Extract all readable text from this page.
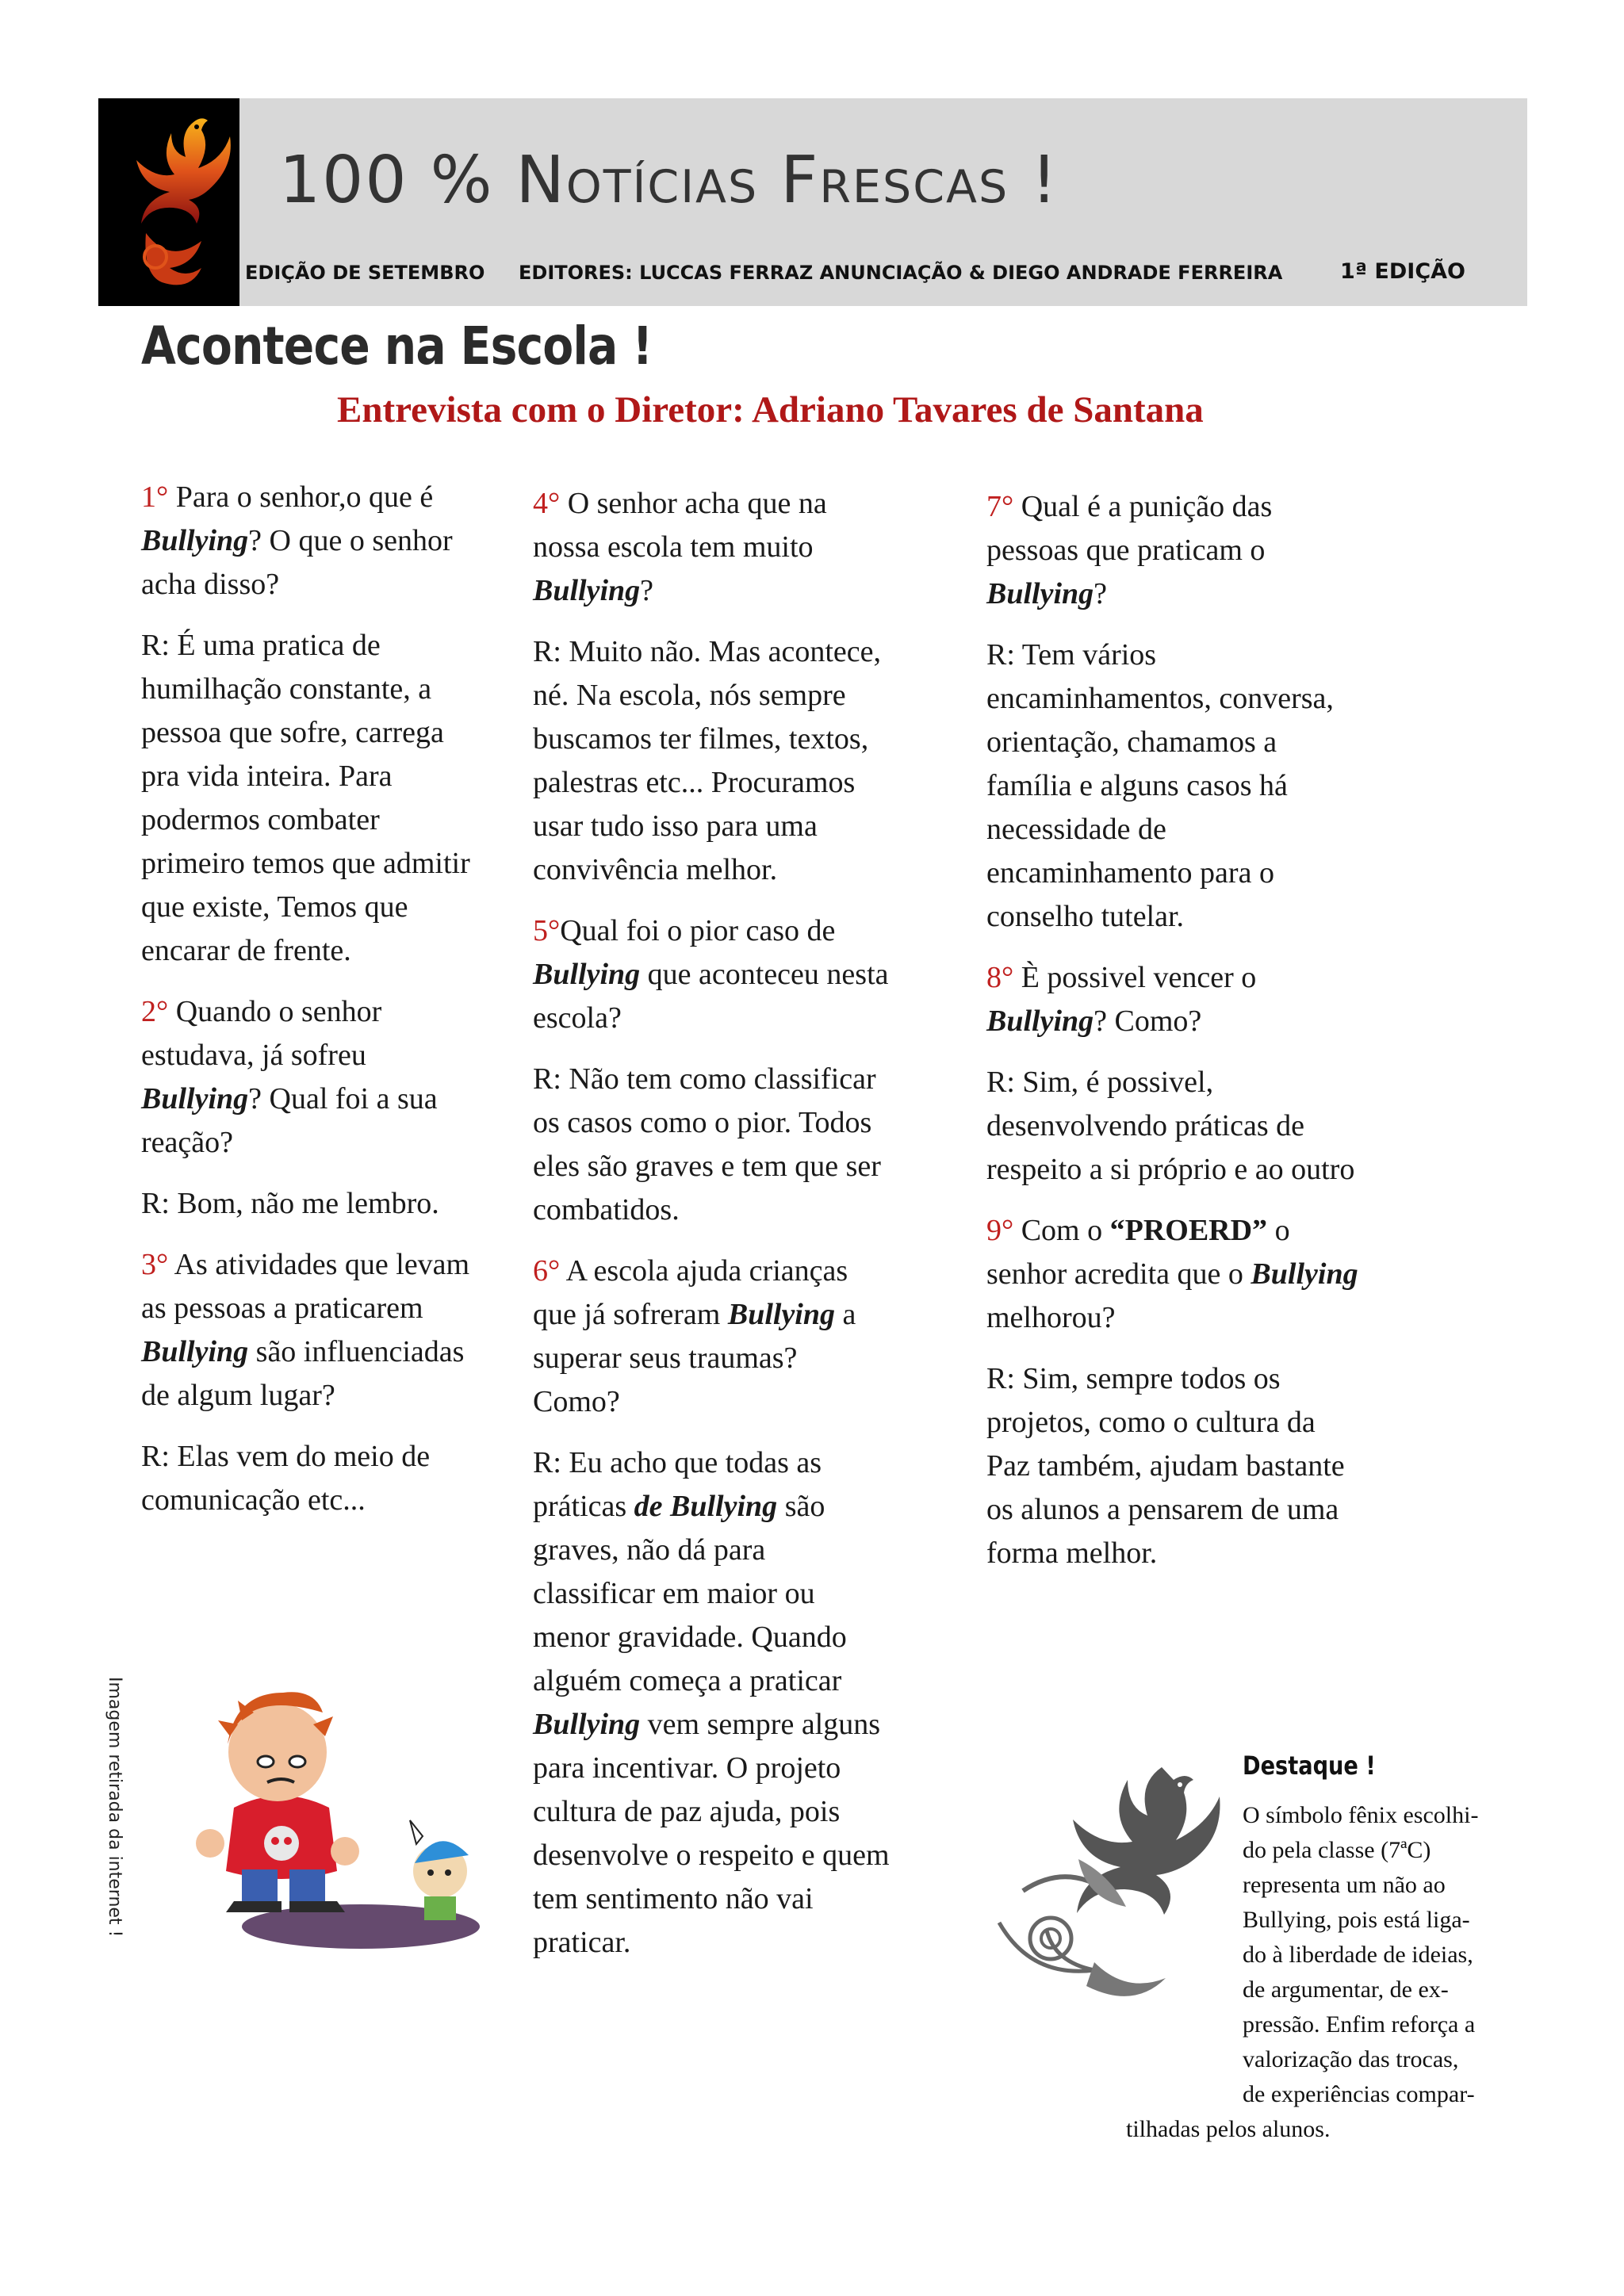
100 % Notícias Frescas !
EDIÇÃO DE SETEMBRO EDITORES: LUCCAS FERRAZ ANUNCIAÇÃO & DIEGO ANDRADE FERREIRA	1ª EDIÇÃO
Acontece na Escola !
Entrevista com o Diretor: Adriano Tavares de Santana

1° Para o senhor,o que é Bullying? O que o senhor acha disso?

R: É uma pratica de humilhação constante, a pessoa que sofre, carrega pra vida inteira. Para podermos combater primeiro temos que admitir que existe, Temos que encarar de frente.

2° Quando o senhor estudava, já sofreu Bullying? Qual foi a sua reação?

R: Bom, não me lembro.

3° As atividades que levam as pessoas a praticarem Bullying são influenciadas de algum lugar?

R: Elas vem do meio de comunicação etc...

4° O senhor acha que na nossa escola tem muito Bullying?

R: Muito não. Mas acontece, né. Na escola, nós sempre buscamos ter filmes, textos, palestras etc... Procuramos usar tudo isso para uma convivência melhor.

5°Qual foi o pior caso de Bullying que aconteceu nesta escola?

R: Não tem como classificar os casos como o pior. Todos eles são graves e tem que ser combatidos.

6° A escola ajuda crianças que já sofreram Bullying a superar seus traumas? Como?

R: Eu acho que todas as práticas de Bullying são graves, não dá para classificar em maior ou menor gravidade. Quando alguém começa a praticar Bullying vem sempre alguns para incentivar. O projeto cultura de paz ajuda, pois desenvolve o respeito e quem tem sentimento não vai praticar.

7° Qual é a punição das pessoas que praticam o Bullying?

R: Tem vários encaminhamentos, conversa, orientação, chamamos a família e alguns casos há necessidade de encaminhamento para o conselho tutelar.

8° È possivel vencer o Bullying? Como?

R: Sim, é possivel, desenvolvendo práticas de respeito a si próprio e ao outro

9° Com o “PROERD” o senhor acredita que o Bullying melhorou?

R: Sim, sempre todos os projetos, como o cultura da Paz também, ajudam bastante os alunos a pensarem de uma forma melhor.

Imagem retirada da internet !	Destaque !
O símbolo fênix escolhi-
do pela classe (7ªC)
representa um não ao
Bullying, pois está liga-
do à liberdade de ideias,
de argumentar, de ex-
pressão. Enfim reforça a
valorização das trocas,
de experiências compar-
tilhadas pelos alunos.
